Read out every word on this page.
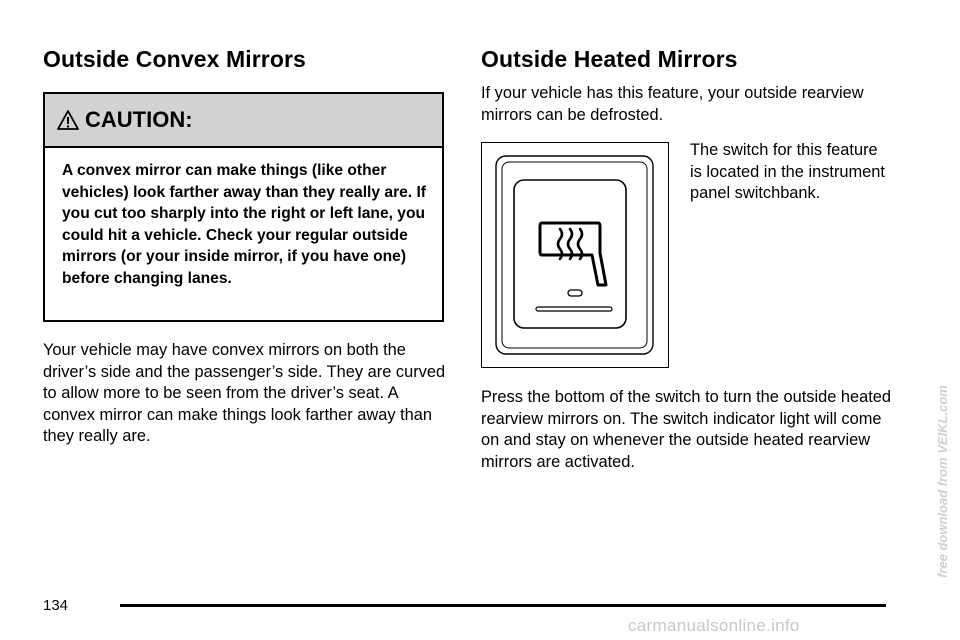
Outside Convex Mirrors
CAUTION:
A convex mirror can make things (like other vehicles) look farther away than they really are. If you cut too sharply into the right or left lane, you could hit a vehicle. Check your regular outside mirrors (or your inside mirror, if you have one) before changing lanes.

Your vehicle may have convex mirrors on both the driver’s side and the passenger’s side. They are curved to allow more to be seen from the driver’s seat. A convex mirror can make things look farther away than they really are.

Outside Heated Mirrors

If your vehicle has this feature, your outside rearview mirrors can be defrosted.

The switch for this feature is located in the instrument panel switchbank.

Press the bottom of the switch to turn the outside heated rearview mirrors on. The switch indicator light will come on and stay on whenever the outside heated rearview mirrors are activated.	free download from VEIKL.com
134
carmanualsonline.info
